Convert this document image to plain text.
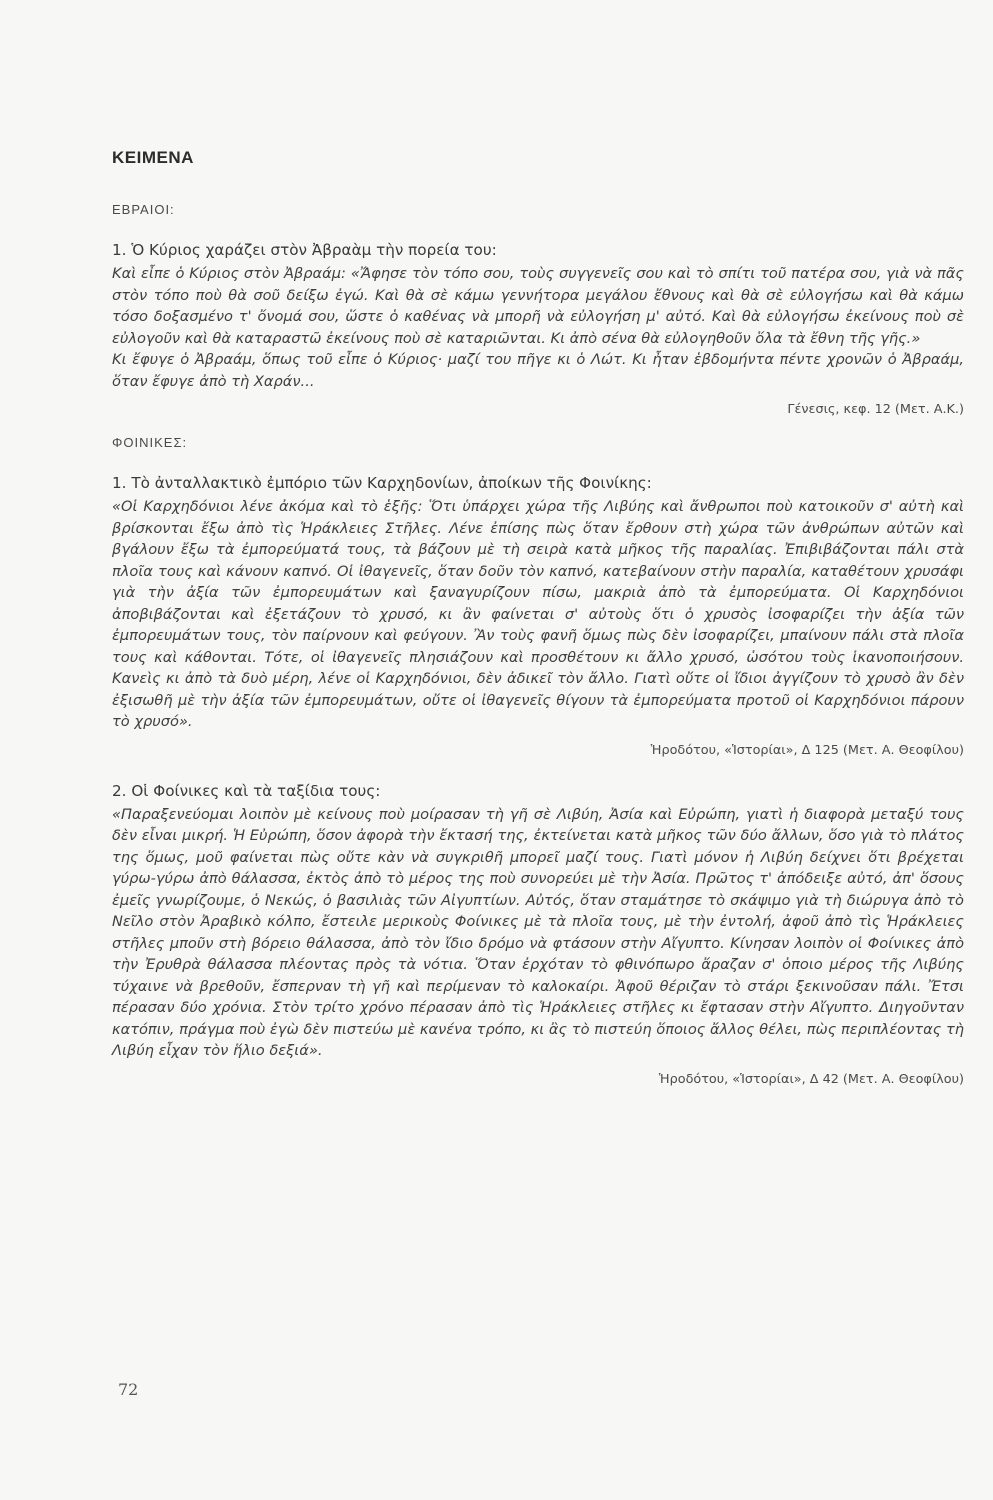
ΚΕΙΜΕΝΑ
ΕΒΡΑΙΟΙ:
1. Ὁ Κύριος χαράζει στὸν Ἀβραὰμ τὴν πορεία του:

Καὶ εἶπε ὁ Κύριος στὸν Ἀβραάμ: «Ἄφησε τὸν τόπο σου, τοὺς συγγενεῖς σου καὶ τὸ σπίτι τοῦ πατέρα σου, γιὰ νὰ πᾶς στὸν τόπο ποὺ θὰ σοῦ δείξω ἐγώ. Καὶ θὰ σὲ κάμω γεννήτορα μεγάλου ἔθνους καὶ θὰ σὲ εὐλογήσω καὶ θὰ κάμω τόσο δοξασμένο τ' ὄνομά σου, ὥστε ὁ καθένας νὰ μπορῆ νὰ εὐλογήση μ' αὐτό. Καὶ θὰ εὐλογήσω ἐκείνους ποὺ σὲ εὐλογοῦν καὶ θὰ καταραστῶ ἐκείνους ποὺ σὲ καταριῶνται. Κι ἀπὸ σένα θὰ εὐλογηθοῦν ὅλα τὰ ἔθνη τῆς γῆς.»

Κι ἔφυγε ὁ Ἀβραάμ, ὅπως τοῦ εἶπε ὁ Κύριος· μαζί του πῆγε κι ὁ Λώτ. Κι ἦταν ἑβδομήντα πέντε χρονῶν ὁ Ἀβραάμ, ὅταν ἔφυγε ἀπὸ τὴ Χαράν...

Γένεσις, κεφ. 12 (Μετ. Α.Κ.)
ΦΟΙΝΙΚΕΣ:
1. Τὸ ἀνταλλακτικὸ ἐμπόριο τῶν Καρχηδονίων, ἀποίκων τῆς Φοινίκης:

«Οἱ Καρχηδόνιοι λένε ἀκόμα καὶ τὸ ἑξῆς: Ὅτι ὑπάρχει χώρα τῆς Λιβύης καὶ ἄνθρωποι ποὺ κατοικοῦν σ' αὐτὴ καὶ βρίσκονται ἔξω ἀπὸ τὶς Ἡράκλειες Στῆλες. Λένε ἐπίσης πὼς ὅταν ἔρθουν στὴ χώρα τῶν ἀνθρώπων αὐτῶν καὶ βγάλουν ἔξω τὰ ἐμπορεύματά τους, τὰ βάζουν μὲ τὴ σειρὰ κατὰ μῆκος τῆς παραλίας. Ἐπιβιβάζονται πάλι στὰ πλοῖα τους καὶ κάνουν καπνό. Οἱ ἰθαγενεῖς, ὅταν δοῦν τὸν καπνό, κατεβαίνουν στὴν παραλία, καταθέτουν χρυσάφι γιὰ τὴν ἀξία τῶν ἐμπορευμάτων καὶ ξαναγυρίζουν πίσω, μακριὰ ἀπὸ τὰ ἐμπορεύματα. Οἱ Καρχηδόνιοι ἀποβιβάζονται καὶ ἐξετάζουν τὸ χρυσό, κι ἂν φαίνεται σ' αὐτοὺς ὅτι ὁ χρυσὸς ἰσοφαρίζει τὴν ἀξία τῶν ἐμπορευμάτων τους, τὸν παίρνουν καὶ φεύγουν. Ἂν τοὺς φανῆ ὅμως πὼς δὲν ἰσοφαρίζει, μπαίνουν πάλι στὰ πλοῖα τους καὶ κάθονται. Τότε, οἱ ἰθαγενεῖς πλησιάζουν καὶ προσθέτουν κι ἄλλο χρυσό, ὡσότου τοὺς ἱκανοποιήσουν. Κανεὶς κι ἀπὸ τὰ δυὸ μέρη, λένε οἱ Καρχηδόνιοι, δὲν ἀδικεῖ τὸν ἄλλο. Γιατὶ οὔτε οἱ ἴδιοι ἀγγίζουν τὸ χρυσὸ ἂν δὲν ἐξισωθῆ μὲ τὴν ἀξία τῶν ἐμπορευμάτων, οὔτε οἱ ἰθαγενεῖς θίγουν τὰ ἐμπορεύματα προτοῦ οἱ Καρχηδόνιοι πάρουν τὸ χρυσό».

Ἡροδότου, «Ἱστορίαι», Δ 125 (Μετ. Α. Θεοφίλου)
2. Οἱ Φοίνικες καὶ τὰ ταξίδια τους:

«Παραξενεύομαι λοιπὸν μὲ κείνους ποὺ μοίρασαν τὴ γῆ σὲ Λιβύη, Ἀσία καὶ Εὐρώπη, γιατὶ ἡ διαφορὰ μεταξύ τους δὲν εἶναι μικρή. Ἡ Εὐρώπη, ὅσον ἀφορὰ τὴν ἔκτασή της, ἐκτείνεται κατὰ μῆκος τῶν δύο ἄλλων, ὅσο γιὰ τὸ πλάτος της ὅμως, μοῦ φαίνεται πὼς οὔτε κὰν νὰ συγκριθῆ μπορεῖ μαζί τους. Γιατὶ μόνον ἡ Λιβύη δείχνει ὅτι βρέχεται γύρω-γύρω ἀπὸ θάλασσα, ἐκτὸς ἀπὸ τὸ μέρος της ποὺ συνορεύει μὲ τὴν Ἀσία. Πρῶτος τ' ἀπόδειξε αὐτό, ἀπ' ὅσους ἐμεῖς γνωρίζουμε, ὁ Νεκώς, ὁ βασιλιὰς τῶν Αἰγυπτίων. Αὐτός, ὅταν σταμάτησε τὸ σκάψιμο γιὰ τὴ διώρυγα ἀπὸ τὸ Νεῖλο στὸν Ἀραβικὸ κόλπο, ἔστειλε μερικοὺς Φοίνικες μὲ τὰ πλοῖα τους, μὲ τὴν ἐντολή, ἀφοῦ ἀπὸ τὶς Ἡράκλειες στῆλες μποῦν στὴ βόρειο θάλασσα, ἀπὸ τὸν ἴδιο δρόμο νὰ φτάσουν στὴν Αἴγυπτο. Κίνησαν λοιπὸν οἱ Φοίνικες ἀπὸ τὴν Ἐρυθρὰ θάλασσα πλέοντας πρὸς τὰ νότια. Ὅταν ἐρχόταν τὸ φθινόπωρο ἄραζαν σ' ὁποιο μέρος τῆς Λιβύης τύχαινε νὰ βρεθοῦν, ἔσπερναν τὴ γῆ καὶ περίμεναν τὸ καλοκαίρι. Ἀφοῦ θέριζαν τὸ στάρι ξεκινοῦσαν πάλι. Ἔτσι πέρασαν δύο χρόνια. Στὸν τρίτο χρόνο πέρασαν ἀπὸ τὶς Ἡράκλειες στῆλες κι ἔφτασαν στὴν Αἴγυπτο. Διηγοῦνταν κατόπιν, πράγμα ποὺ ἐγὼ δὲν πιστεύω μὲ κανένα τρόπο, κι ἂς τὸ πιστεύη ὅποιος ἄλλος θέλει, πὼς περιπλέοντας τὴ Λιβύη εἶχαν τὸν ἥλιο δεξιά».

Ἡροδότου, «Ἱστορίαι», Δ 42 (Μετ. Α. Θεοφίλου)
72
